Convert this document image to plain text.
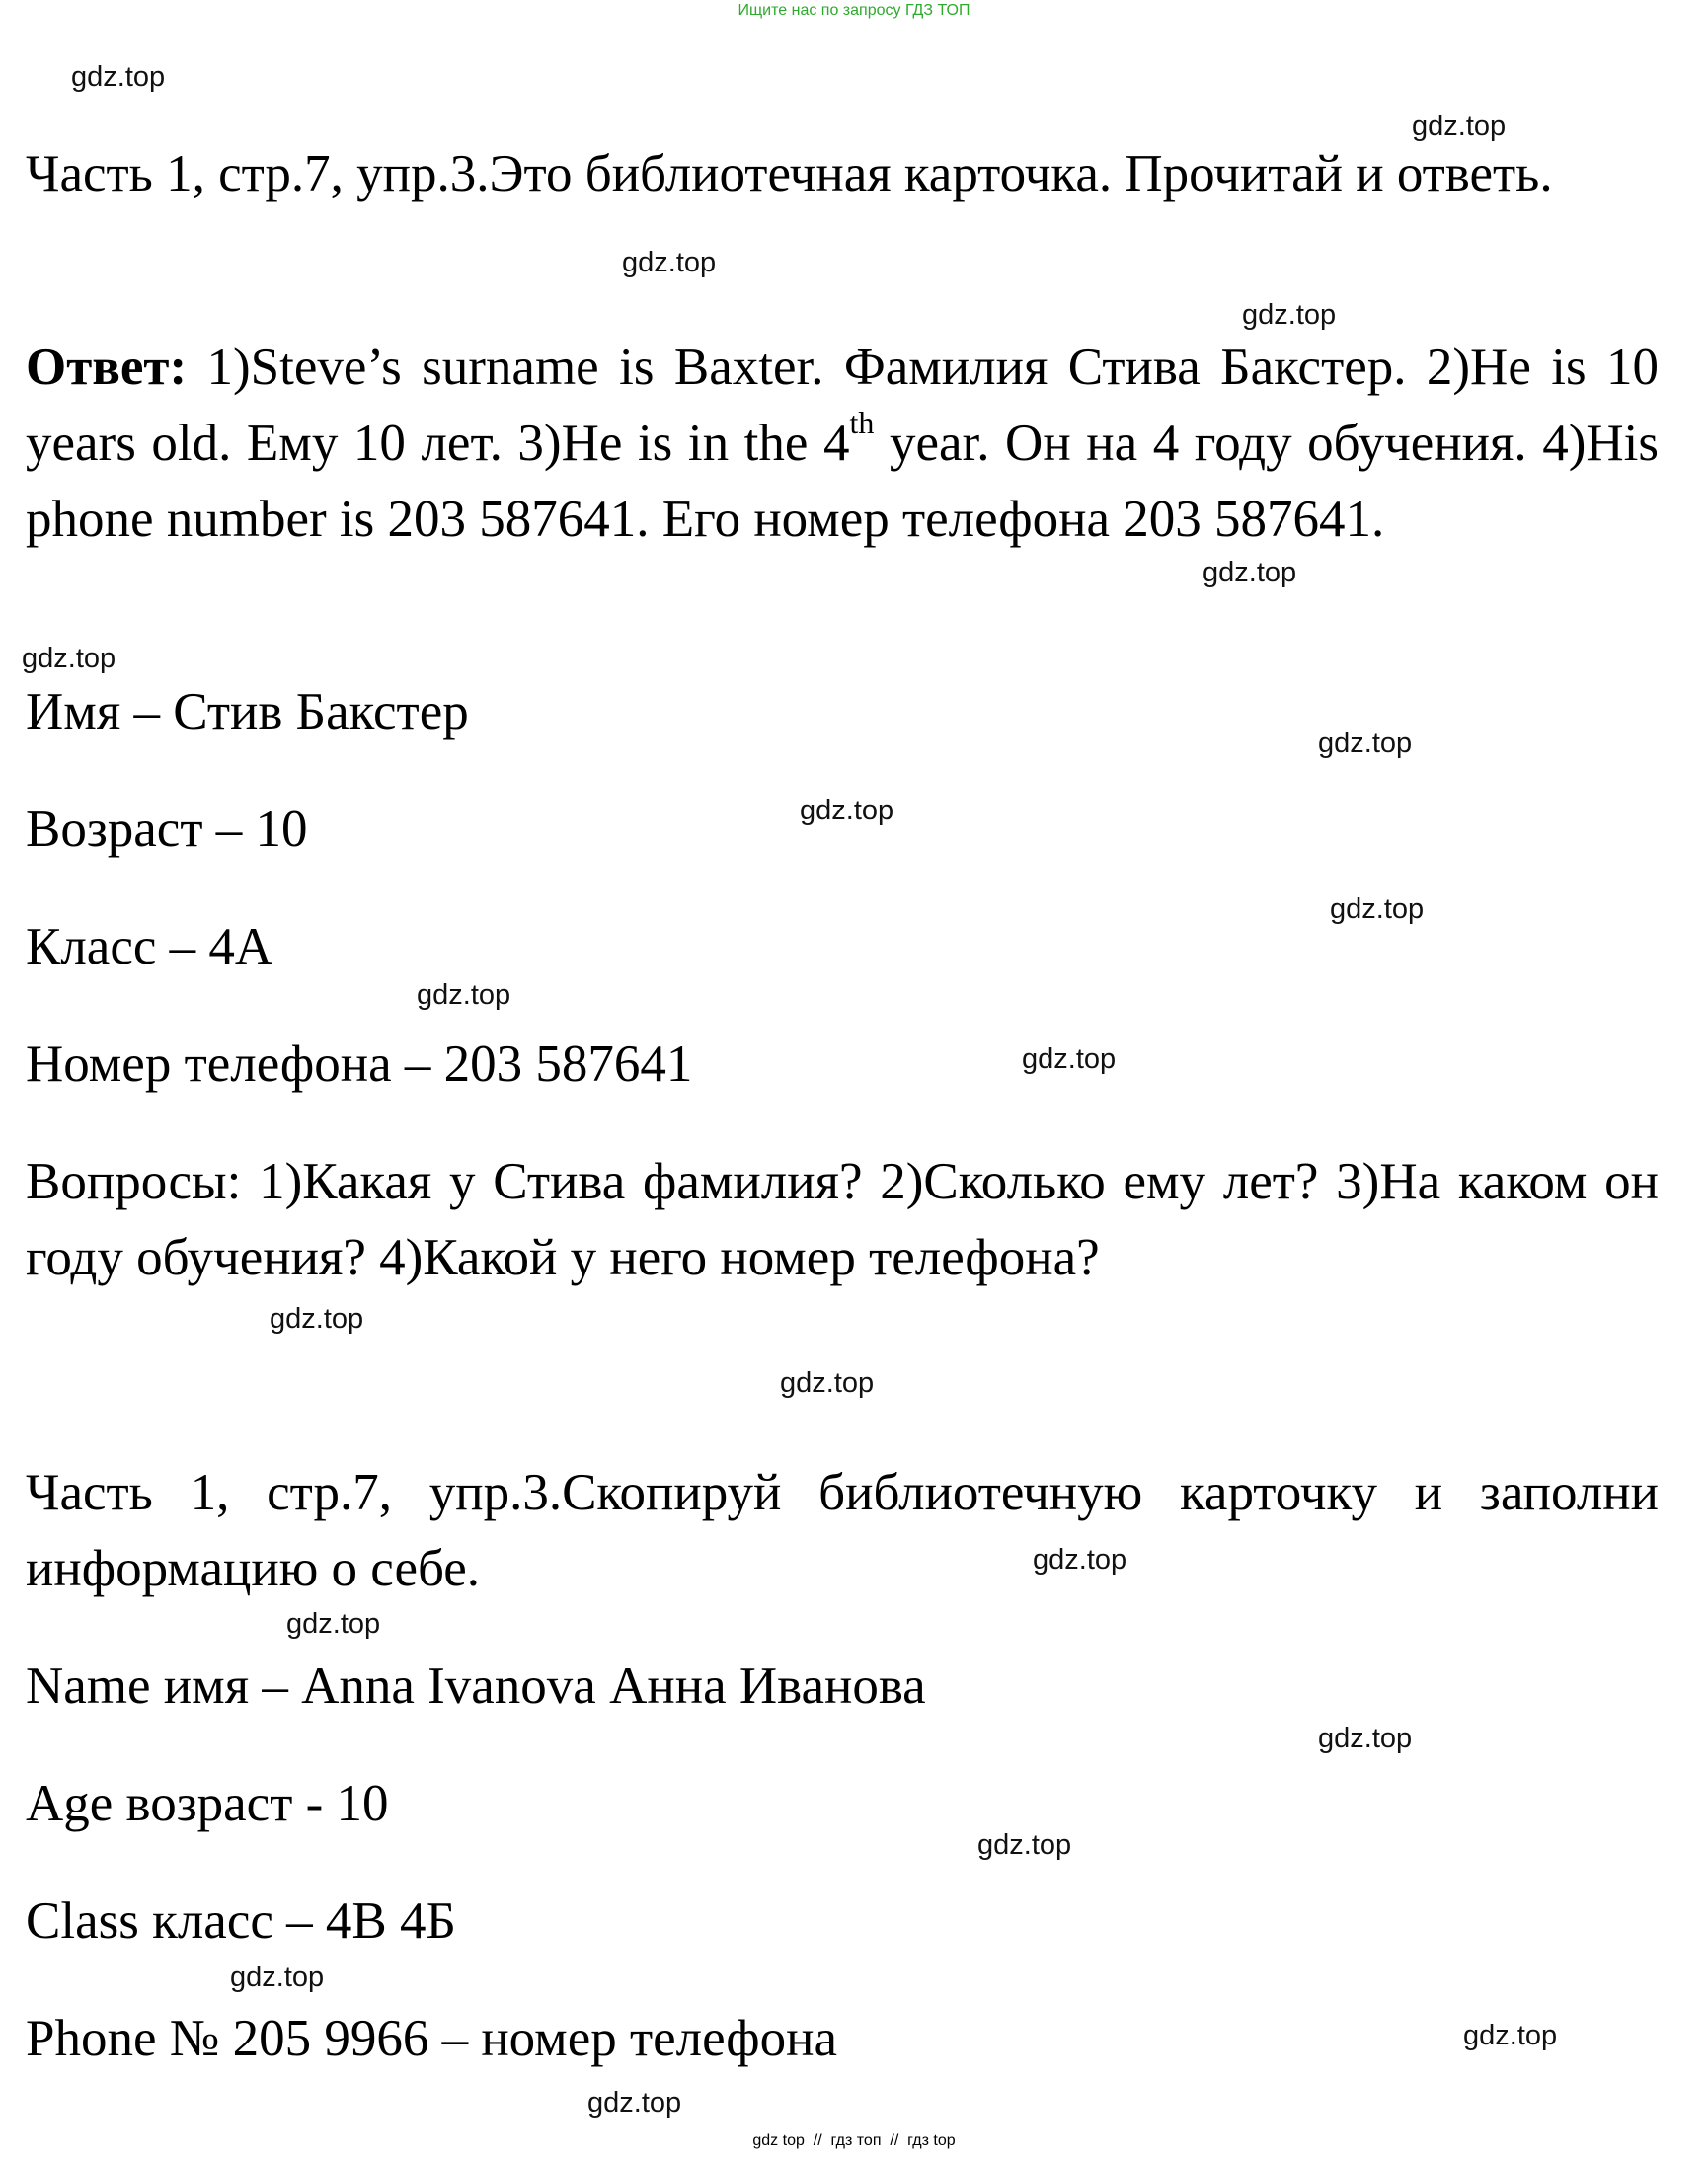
Ищите нас по запросу ГДЗ ТОП
gdz.top
gdz.top
gdz.top
gdz.top
gdz.top
gdz.top
gdz.top
gdz.top
gdz.top
gdz.top
gdz.top
gdz.top
gdz.top
gdz.top
gdz.top
gdz.top
gdz.top
gdz.top
gdz.top
gdz.top
Часть 1, стр.7, упр.3.Это библиотечная карточка. Прочитай и ответь.
Ответ: 1)Steve’s surname is Baxter. Фамилия Стива Бакстер. 2)He is 10 years old. Ему 10 лет. 3)He is in the 4th year. Он на 4 году обучения. 4)His phone number is 203 587641. Его номер телефона 203 587641.
Имя – Стив Бакстер
Возраст – 10
Класс – 4А
Номер телефона – 203 587641
Вопросы: 1)Какая у Стива фамилия? 2)Сколько ему лет? 3)На каком он году обучения? 4)Какой у него номер телефона?
Часть 1, стр.7, упр.3.Скопируй библиотечную карточку и заполни информацию о себе.
Name имя – Anna Ivanova Анна Иванова
Age возраст - 10
Class класс – 4B 4Б
Phone № 205 9966 – номер телефона
gdz top  //  гдз топ  //  гдз top
